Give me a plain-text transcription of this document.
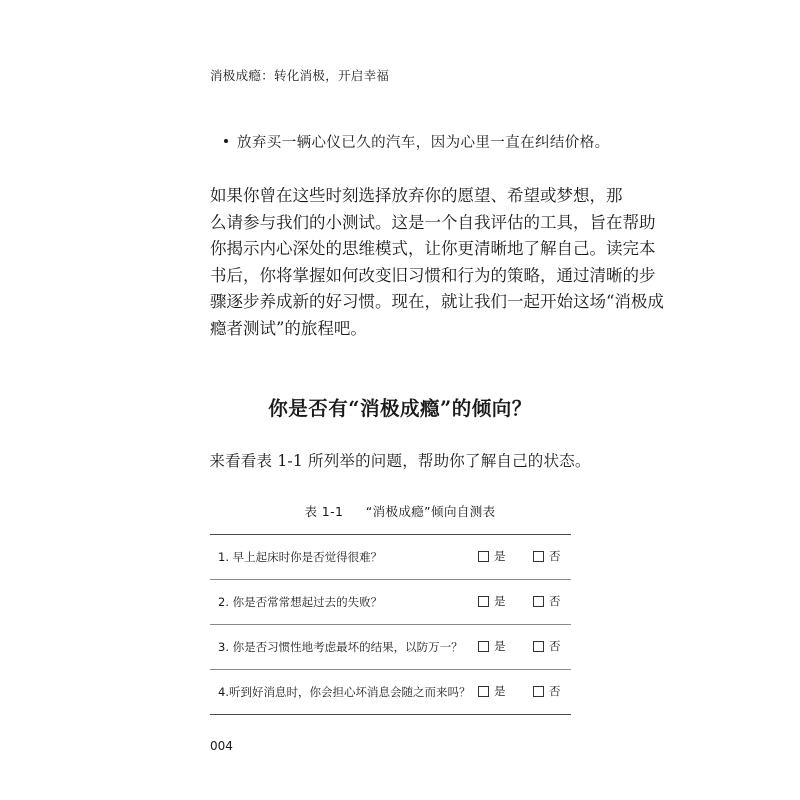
消极成瘾：转化消极，开启幸福
放弃买一辆心仪已久的汽车，因为心里一直在纠结价格。
如果你曾在这些时刻选择放弃你的愿望、希望或梦想，那
么请参与我们的小测试。这是一个自我评估的工具，旨在帮助
你揭示内心深处的思维模式，让你更清晰地了解自己。读完本
书后，你将掌握如何改变旧习惯和行为的策略，通过清晰的步
骤逐步养成新的好习惯。现在，就让我们一起开始这场“消极成
瘾者测试”的旅程吧。
你是否有“消极成瘾”的倾向？
来看看表 1-1 所列举的问题，帮助你了解自己的状态。
表 1-1 “消极成瘾”倾向自测表
1. 早上起床时你是否觉得很难？	是	否
2. 你是否常常想起过去的失败？	是	否
3. 你是否习惯性地考虑最坏的结果，以防万一？	是	否
4.听到好消息时，你会担心坏消息会随之而来吗？ 是	否
004
